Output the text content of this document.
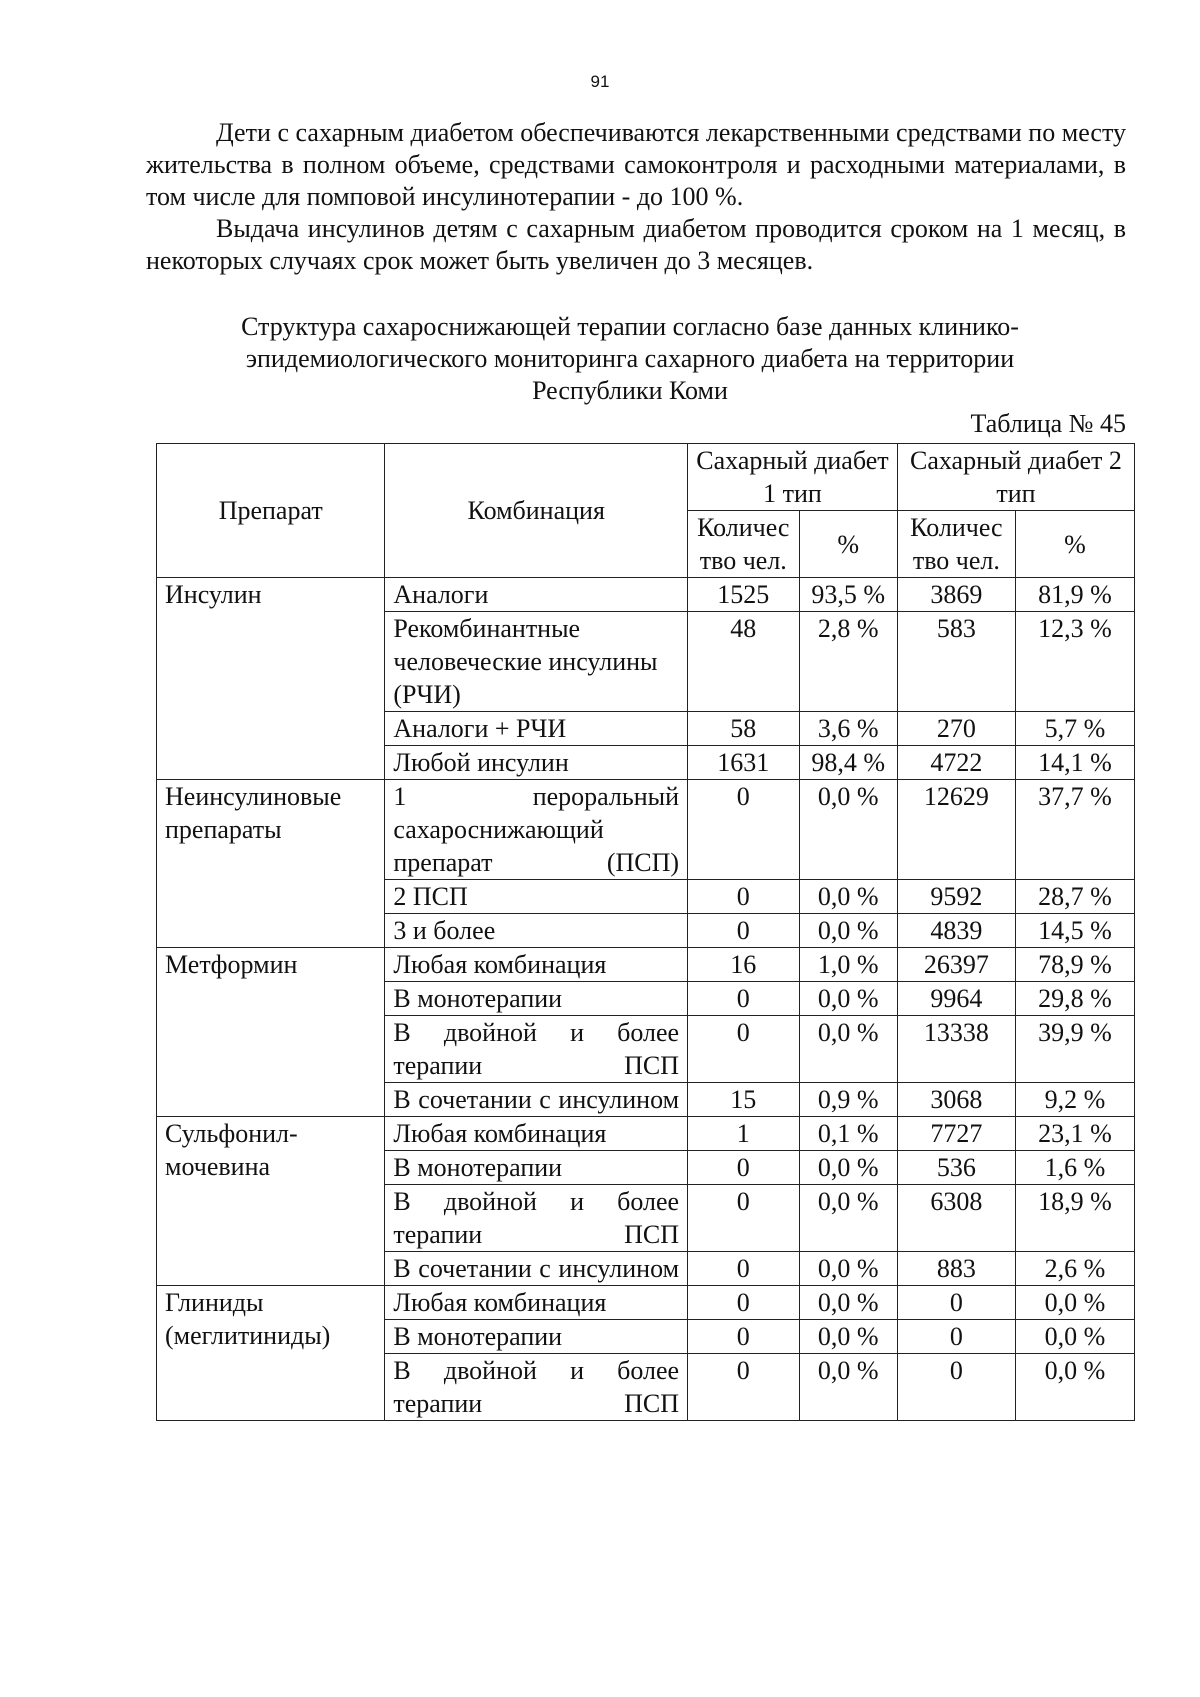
91

Дети с сахарным диабетом обеспечиваются лекарственными средствами по месту жительства в полном объеме, средствами самоконтроля и расходными материалами, в том числе для помповой инсулинотерапии - до 100 %.

Выдача инсулинов детям с сахарным диабетом проводится сроком на 1 месяц, в некоторых случаях срок может быть увеличен до 3 месяцев.

Структура сахароснижающей терапии согласно базе данных клинико-эпидемиологического мониторинга сахарного диабета на территории Республики Коми

Таблица № 45
Препарат	Комбинация	Сахарный диабет 1 тип		Сахарный диабет 2 тип	
		Количество чел.	%	Количество чел.	%
Инсулин	Аналоги	1525	93,5 %	3869	81,9 %
	Рекомбинантные человеческие инсулины (РЧИ)	48	2,8 %	583	12,3 %
	Аналоги + РЧИ	58	3,6 %	270	5,7 %
	Любой инсулин	1631	98,4 %	4722	14,1 %
Неинсулиновые препараты	1 пероральный сахароснижающий препарат (ПСП)	0	0,0 %	12629	37,7 %
	2 ПСП	0	0,0 %	9592	28,7 %
	3 и более	0	0,0 %	4839	14,5 %
Метформин	Любая комбинация	16	1,0 %	26397	78,9 %
	В монотерапии	0	0,0 %	9964	29,8 %
	В двойной и более терапии ПСП	0	0,0 %	13338	39,9 %
	В сочетании с инсулином	15	0,9 %	3068	9,2 %
Сульфонил-мочевина	Любая комбинация	1	0,1 %	7727	23,1 %
	В монотерапии	0	0,0 %	536	1,6 %
	В двойной и более терапии ПСП	0	0,0 %	6308	18,9 %
	В сочетании с инсулином	0	0,0 %	883	2,6 %
Глиниды (меглитиниды)	Любая комбинация	0	0,0 %	0	0,0 %
	В монотерапии	0	0,0 %	0	0,0 %
	В двойной и более терапии ПСП	0	0,0 %	0	0,0 %
